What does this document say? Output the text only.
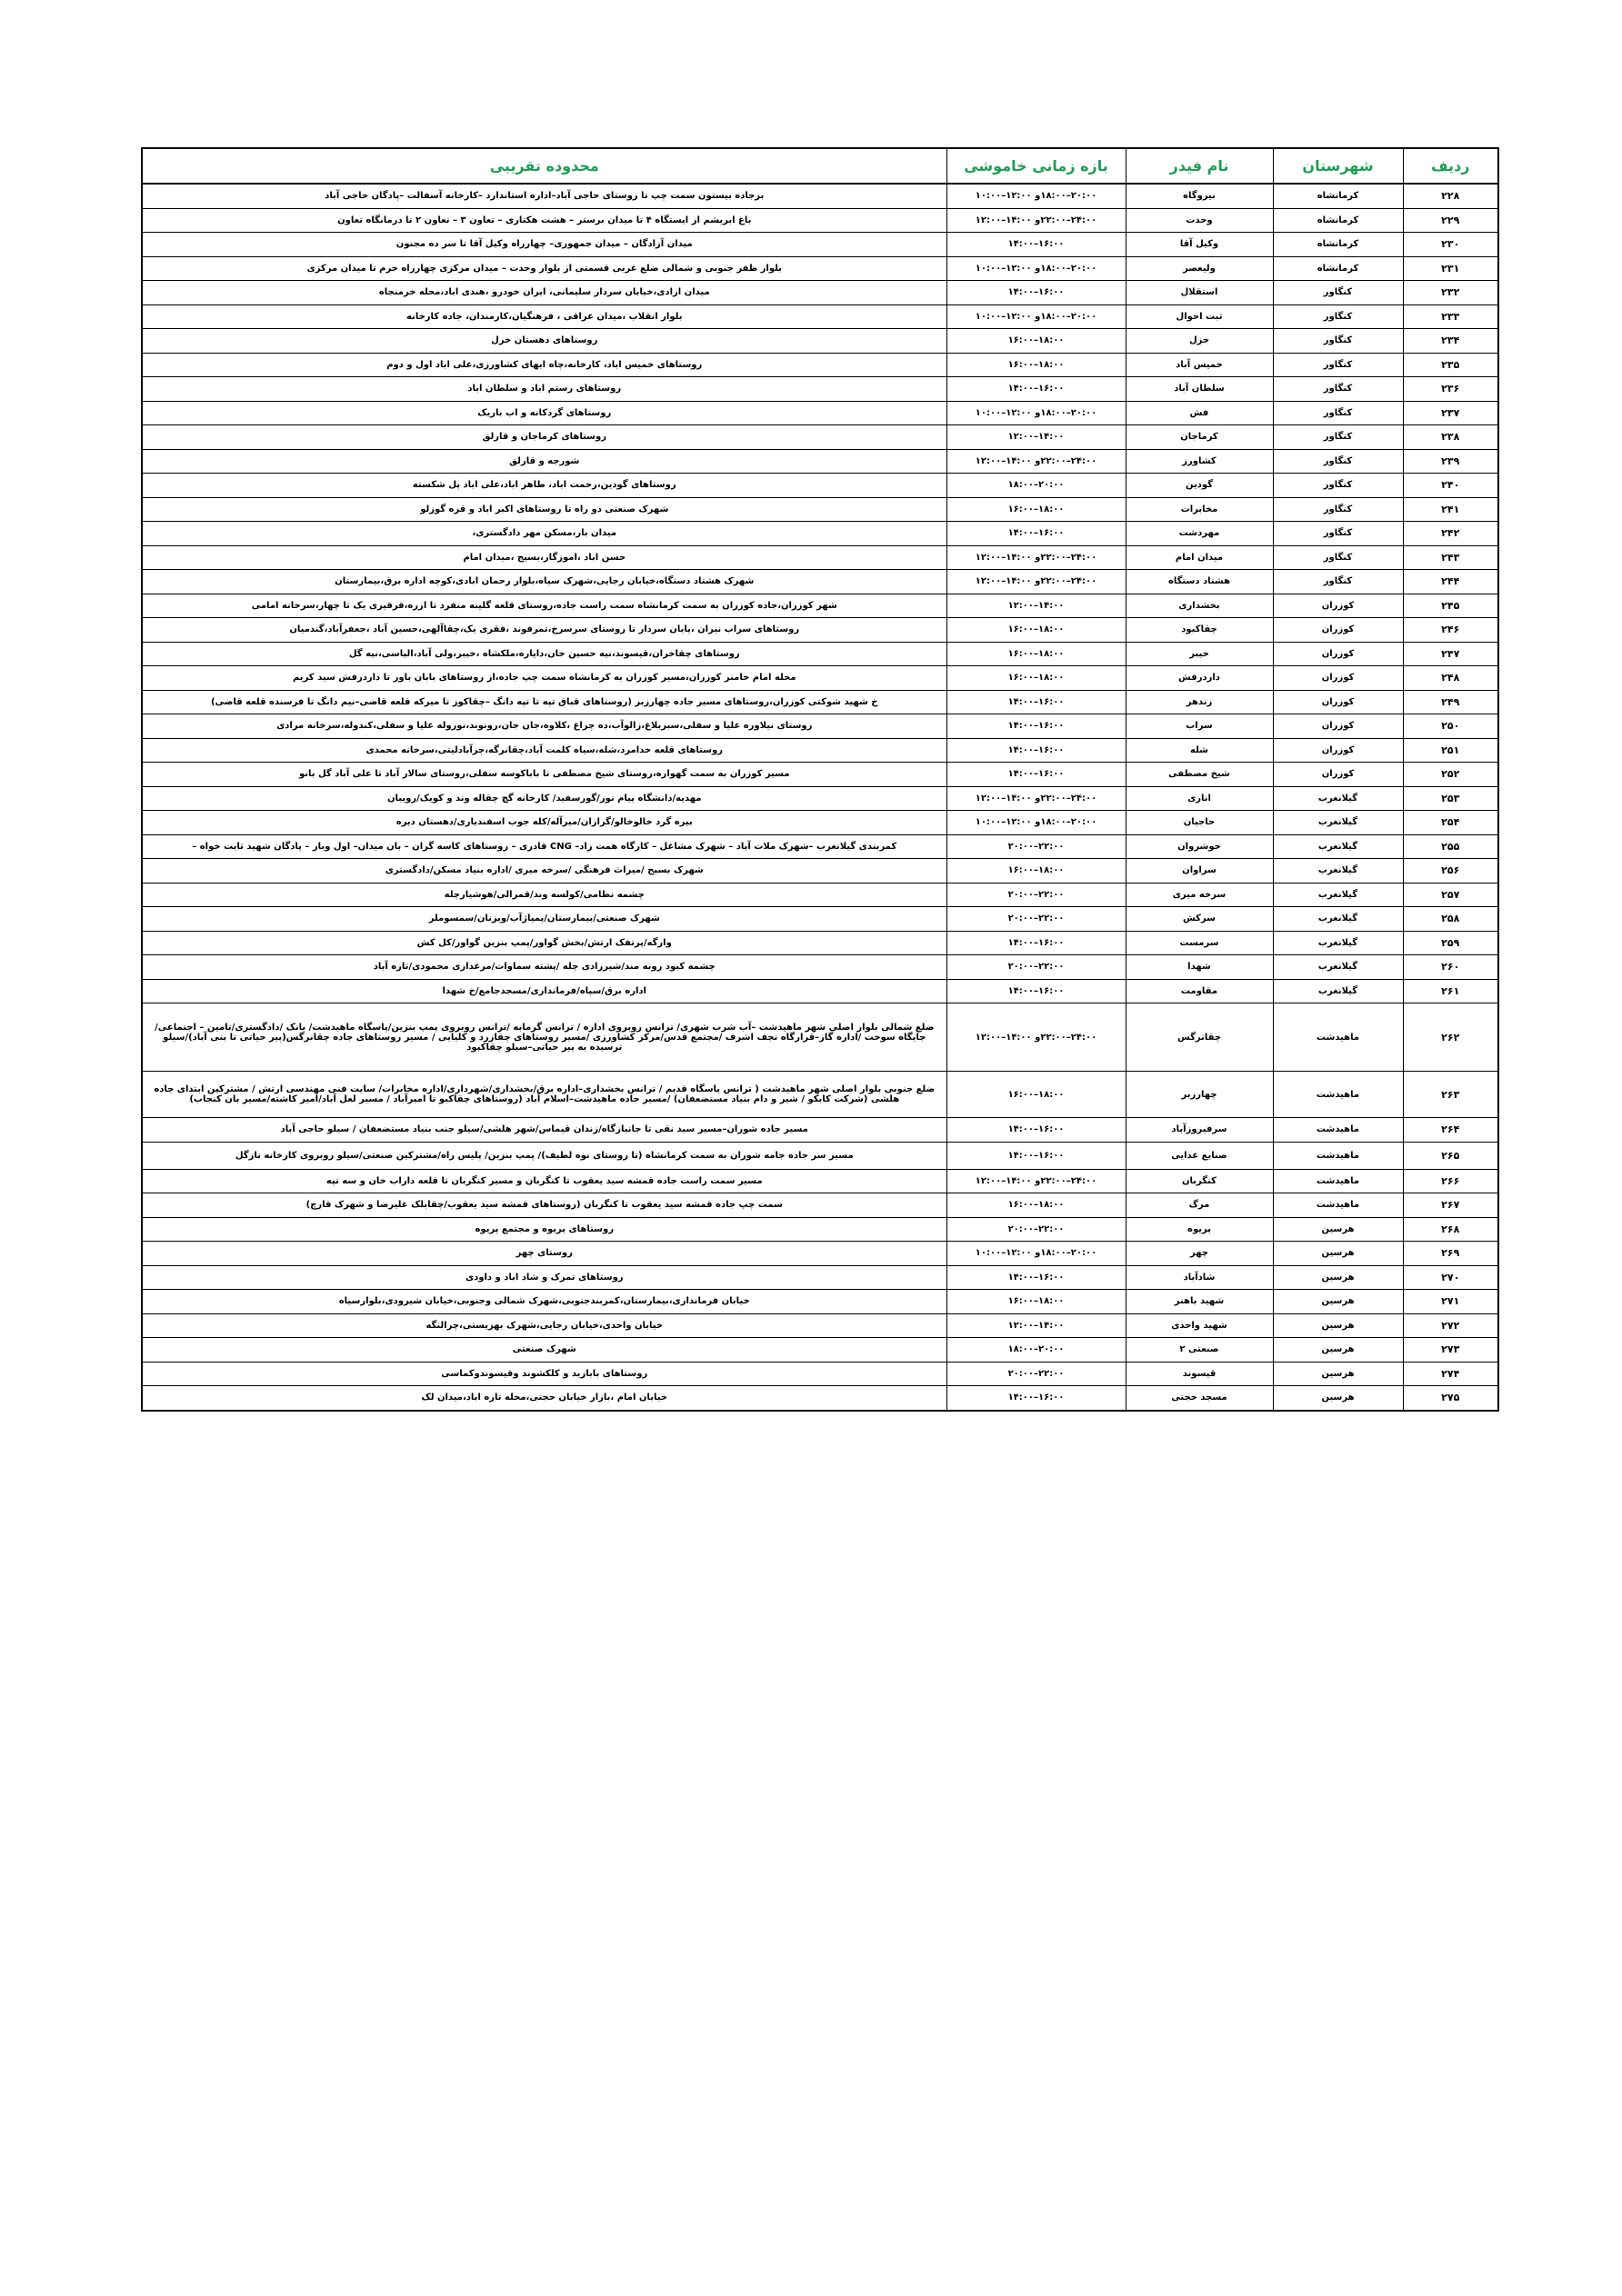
ردیف	شهرستان	نام فیدر	بازه زمانی خاموشی	محدوده تقریبی
۲۲۸	کرمانشاه	نیروگاه	۲۰:۰۰–۱۸:۰۰و ۱۲:۰۰–۱۰:۰۰	برجاده بیستون سمت چپ تا روستای حاجی آباد–اداره استاندارد –کارخانه آسفالت –پادگان حاجی آباد
۲۲۹	کرمانشاه	وحدت	۲۴:۰۰–۲۲:۰۰و ۱۴:۰۰–۱۲:۰۰	باغ ابریشم از ایستگاه ۴ تا میدان برستر – هشت هکتاری – تعاون ۳ – تعاون ۲ تا درمانگاه تعاون
۲۳۰	کرمانشاه	وکیل آقا	۱۶:۰۰–۱۴:۰۰	میدان آزادگان – میدان جمهوری– چهارراه وکیل آقا تا سر ده مجنون
۲۳۱	کرمانشاه	ولیعصر	۲۰:۰۰–۱۸:۰۰و ۱۲:۰۰–۱۰:۰۰	بلوار ظفر جنوبی و شمالی ضلع غربی قسمتی از بلوار وحدت – میدان مرکزی چهارراه خرم تا میدان مرکزی
۲۳۲	کنگاور	استقلال	۱۶:۰۰–۱۴:۰۰	میدان ازادی،خیابان سردار سلیمانی، ایران خودرو ،هندی اباد،محله خرمنجاه
۲۳۳	کنگاور	ثبت احوال	۲۰:۰۰–۱۸:۰۰و ۱۲:۰۰–۱۰:۰۰	بلوار انقلاب ،میدان عراقی ، فرهنگیان،کارمندان، جاده کارخانه
۲۳۴	کنگاور	خزل	۱۸:۰۰–۱۶:۰۰	روستاهای دهستان خزل
۲۳۵	کنگاور	خمیس آباد	۱۸:۰۰–۱۶:۰۰	روستاهای خمیس اباد، کارخانه،چاه ابهای کشاورزی،علی اباد اول و دوم
۲۳۶	کنگاور	سلطان آباد	۱۶:۰۰–۱۴:۰۰	روستاهای رستم اباد و سلطان اباد
۲۳۷	کنگاور	فش	۲۰:۰۰–۱۸:۰۰و ۱۲:۰۰–۱۰:۰۰	روستاهای گردکانه و اب باریک
۲۳۸	کنگاور	کرماجان	۱۴:۰۰–۱۲:۰۰	روستاهای کرماجان و قارلق
۲۳۹	کنگاور	کشاورز	۲۴:۰۰–۲۲:۰۰و ۱۴:۰۰–۱۲:۰۰	شورجه و قارلق
۲۴۰	کنگاور	گودین	۲۰:۰۰–۱۸:۰۰	روستاهای گودین،رحمت اباد، طاهر اباد،علی اباد پل شکسته
۲۴۱	کنگاور	مخابرات	۱۸:۰۰–۱۶:۰۰	شهرک صنعتی دو راه تا روستاهای اکبر اباد و قره گوزلو
۲۴۲	کنگاور	مهردشت	۱۶:۰۰–۱۴:۰۰	میدان بار،مسکن مهر دادگستری،
۲۴۳	کنگاور	میدان امام	۲۴:۰۰–۲۲:۰۰و ۱۴:۰۰–۱۲:۰۰	حسن اباد ،اموزگار،بسیج ،میدان امام
۲۴۴	کنگاور	هشتاد دستگاه	۲۴:۰۰–۲۲:۰۰و ۱۴:۰۰–۱۲:۰۰	شهرک هشتاد دستگاه،خیابان رجایی،شهرک سپاه،بلوار رحمان ابادی،کوچه اداره برق،بیمارستان
۲۴۵	کوزران	بخشداری	۱۴:۰۰–۱۲:۰۰	شهر کوزران،جاده کوزران به سمت کرمانشاه سمت راست جاده،روستای قلعه گلینه منفرد تا ازره،قرقیری یک تا چهار،سرخانه امامی
۲۴۶	کوزران	چقاکبود	۱۸:۰۰–۱۶:۰۰	روستاهای سراب نیران ،پایان سردار تا روستای سرسرخ،تمرفوند ،فقری یک،چقاآلهی،حسین آباد ،جعفرآباد،گندمیان
۲۴۷	کوزران	خیبر	۱۸:۰۰–۱۶:۰۰	روستاهای چقاخران،قیسوند،نیه حسین خان،دایاره،ملکشاه ،خیبر،ولی آباد،الیاسی،نیه گل
۲۴۸	کوزران	داردرفش	۱۸:۰۰–۱۶:۰۰	محله امام خامنر کوزران،مسیر کوزران به کرمانشاه سمت چپ جاده،از روستاهای بابان باور تا داردرفش سید کریم
۲۴۹	کوزران	زندهر	۱۶:۰۰–۱۴:۰۰	خ شهید شوکتی کوزران،روستاهای مسیر جاده چهارزبر (روستاهای قباق تپه تا تپه دانگ –چقاکوز تا میرکه قلعه قاضی–نیم دانگ تا فرسنده قلعه قاضی)
۲۵۰	کوزران	سراب	۱۶:۰۰–۱۴:۰۰	روستای نیلاوره علیا و سفلی،سبزبلاغ،زالوآب،ده چراغ ،کلاوه،جان جان،رونوند،نوروله علیا و سفلی،کندوله،سرخانه مرادی
۲۵۱	کوزران	شله	۱۶:۰۰–۱۴:۰۰	روستاهای قلعه خدامرد،شله،سیاه کلمت آباد،چقانرگه،چرآبادلیتی،سرخانه محمدی
۲۵۲	کوزران	شیخ مصطفی	۱۶:۰۰–۱۴:۰۰	مسیر کوزران به سمت گهواره،روستای شیخ مصطفی تا باباکوسه سفلی،روستای سالار آباد تا علی آباد گل بانو
۲۵۳	گیلانغرب	اناری	۲۴:۰۰–۲۲:۰۰و ۱۴:۰۰–۱۲:۰۰	مهدیه/دانشگاه پیام نور/گورسفید/ کارخانه گچ چقاله وند و کویک/رویبان
۲۵۴	گیلانغرب	حاجیان	۲۰:۰۰–۱۸:۰۰و ۱۲:۰۰–۱۰:۰۰	بیره گرد خالوخالو/گرازان/میرآله/کله جوب اسفندیاری/دهستان دیره
۲۵۵	گیلانغرب	خوشروان	۲۲:۰۰–۲۰:۰۰	کمربندی گیلانغرب –شهرک ملات آباد – شهرک مشاغل – کارگاه همت زاد– CNG قادری – روستاهای کاسه گران – بان میدان– اول وبار – پادگان شهید ثابت خواه –
۲۵۶	گیلانغرب	سراوان	۱۸:۰۰–۱۶:۰۰	شهرک بسیج /میراث فرهنگی /سرخه میری /اداره بنیاد مسکن/دادگستری
۲۵۷	گیلانغرب	سرخه میری	۲۲:۰۰–۲۰:۰۰	چشمه نظامی/کولسه وند/قمرالی/هوشیارچله
۲۵۸	گیلانغرب	سرکش	۲۲:۰۰–۲۰:۰۰	شهرک صنعتی/بیمارستان/پمپاژآب/ویزنان/سمسوملر
۲۵۹	گیلانغرب	سرمست	۱۶:۰۰–۱۴:۰۰	وارگه/پرتفک ارتش/بخش گواور/پمپ بنزین گواور/کل کش
۲۶۰	گیلانغرب	شهدا	۲۲:۰۰–۲۰:۰۰	چشمه کبود رونه مند/شیرزادی چله /پشته سماوات/مرغداری محمودی/تازه آباد
۲۶۱	گیلانغرب	مقاومت	۱۶:۰۰–۱۴:۰۰	اداره برق/سپاه/فرمانداری/مسجدجامع/خ شهدا
۲۶۲	ماهیدشت	چقانرگس	۲۴:۰۰–۲۲:۰۰و ۱۴:۰۰–۱۲:۰۰	ضلع شمالی بلوار اصلی شهر ماهیدشت –آب شرب شهری/ ترانس روبروی اداره / ترانس گرمابه /ترانس روبروی پمپ بنزین/پاسگاه ماهیدشت/ بانک /دادگستری/تامین – اجتماعی/جایگاه سوخت /اداره گاز–قرارگاه نجف اشرف /مجتمع قدس/مرکز کشاورزی /مسیر روستاهای چقازرد و کلیایی / مسیر روستاهای جاده چقانرگس(پیر حیاتی تا بنی آباد)/سیلو ترسیده به پیر حیاتی–سیلو چقاکبود
۲۶۳	ماهیدشت	چهارزبر	۱۸:۰۰–۱۶:۰۰	ضلع جنوبی بلوار اصلی شهر ماهیدشت ( ترانس پاسگاه قدیم / ترانس بخشداری–اداره برق/بخشداری/شهرداری/اداره مخابرات/ سایت فنی مهندسی ارتش / مشترکین ابتدای جاده هلشی (شرکت کابکو / شیر و دام بنیاد مستضعفان) /مسیر جاده ماهیدشت–اسلام آباد (روستاهای چقاکبو تا امیرآباد / مسیر لعل آباد/امیر کاشته/مسیر بان کنجاب)
۲۶۴	ماهیدشت	سرفیروزآباد	۱۶:۰۰–۱۴:۰۰	مسیر جاده شوران–مسیر سید نقی تا جانبازگاه/زندان قیماس/شهر هلشی/سیلو جنب بنیاد مستضعفان / سیلو حاجی آباد
۲۶۵	ماهیدشت	صنایع غذایی	۱۶:۰۰–۱۴:۰۰	مسیر سر جاده جامه شوران به سمت کرمانشاه (تا روستای نوه لطیف)/ پمپ بنزین/ پلیس راه/مشترکین صنعتی/سیلو روبروی کارخانه نازگل
۲۶۶	ماهیدشت	کنگربان	۲۴:۰۰–۲۲:۰۰و ۱۴:۰۰–۱۲:۰۰	مسیر سمت راست جاده قمشه سید یعقوب تا کنگربان و مسیر کنگربان تا قلعه داراب خان و سه تپه
۲۶۷	ماهیدشت	مرگ	۱۸:۰۰–۱۶:۰۰	سمت چپ جاده قمشه سید یعقوب تا کنگربان (روستاهای قمشه سید یعقوب/چقابلک علیرضا و شهرک قارچ)
۲۶۸	هرسین	پریوه	۲۲:۰۰–۲۰:۰۰	روستاهای پریوه و مجتمع پریوه
۲۶۹	هرسین	چهر	۲۰:۰۰–۱۸:۰۰و ۱۲:۰۰–۱۰:۰۰	روستای چهر
۲۷۰	هرسین	شادآباد	۱۶:۰۰–۱۴:۰۰	روستاهای تمرک و شاد اباد و داودی
۲۷۱	هرسین	شهید باهنر	۱۸:۰۰–۱۶:۰۰	خیابان فرمانداری،بیمارستان،کمربندجنوبی،شهرک شمالی وجنوبی،خیابان شیرودی،بلوارسیاه
۲۷۲	هرسین	شهید واحدی	۱۴:۰۰–۱۲:۰۰	خیابان واحدی،خیابان رجایی،شهرک بهزیستی،چرالنگه
۲۷۳	هرسین	صنعتی ۲	۲۰:۰۰–۱۸:۰۰	شهرک صنعتی
۲۷۴	هرسین	قیسوند	۲۲:۰۰–۲۰:۰۰	روستاهای بابازید و کلکشوند وقیسوندوکماسی
۲۷۵	هرسین	مسجد حجتی	۱۶:۰۰–۱۴:۰۰	خیابان امام ،بازار خیابان حجتی،محله تازه اباد،میدان لک
